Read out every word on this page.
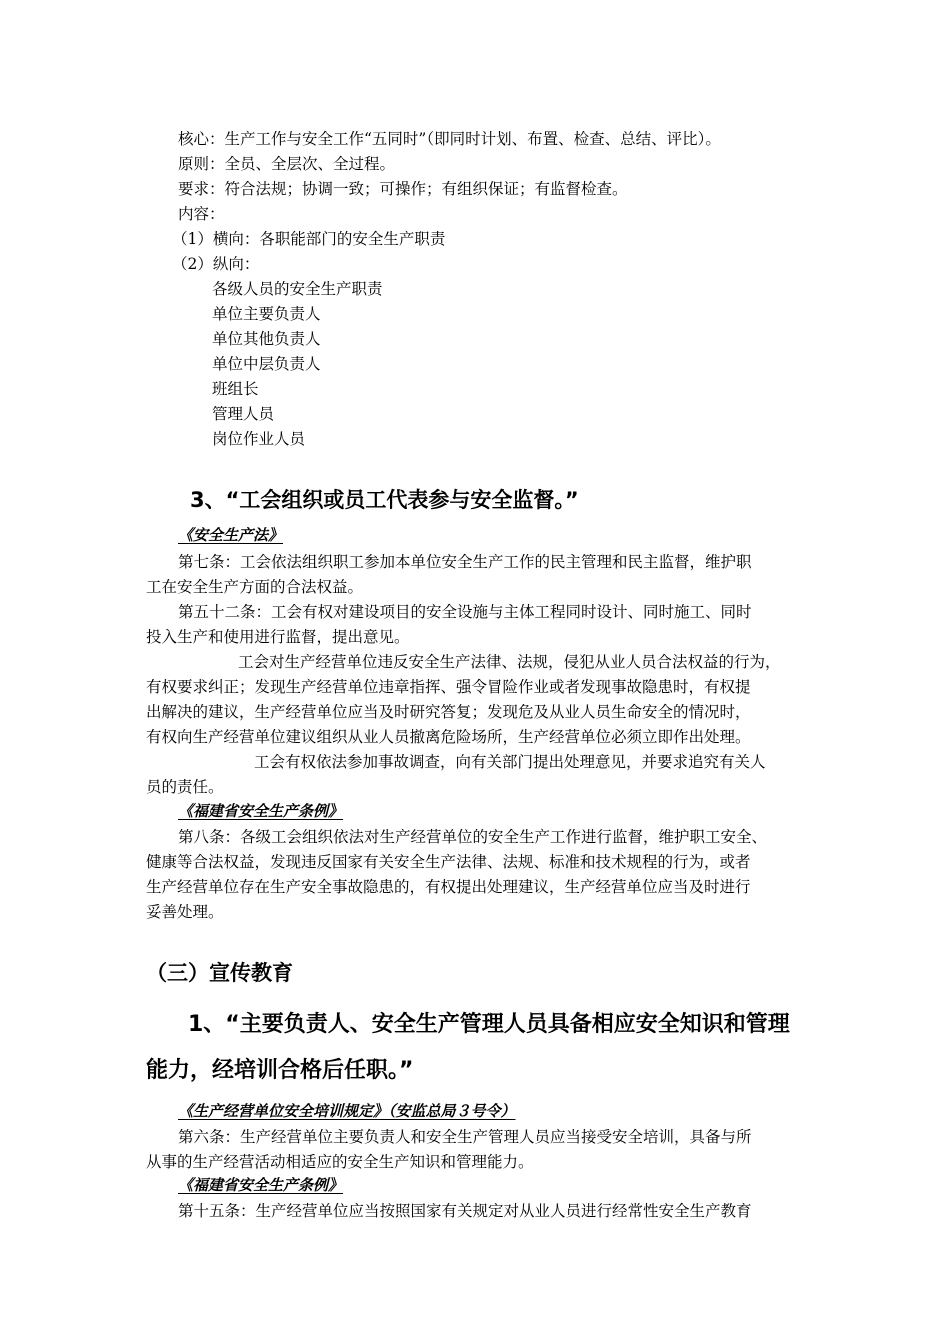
核心：生产工作与安全工作“五同时”（即同时计划、布置、检查、总结、评比）。
原则：全员、全层次、全过程。
要求：符合法规；协调一致；可操作；有组织保证；有监督检查。
内容：
（1）横向：各职能部门的安全生产职责
（2）纵向：
各级人员的安全生产职责
单位主要负责人
单位其他负责人
单位中层负责人
班组长
管理人员
岗位作业人员
3、“工会组织或员工代表参与安全监督。”
《安全生产法》
第七条：工会依法组织职工参加本单位安全生产工作的民主管理和民主监督，维护职
工在安全生产方面的合法权益。
第五十二条：工会有权对建设项目的安全设施与主体工程同时设计、同时施工、同时
投入生产和使用进行监督，提出意见。
工会对生产经营单位违反安全生产法律、法规，侵犯从业人员合法权益的行为，
有权要求纠正；发现生产经营单位违章指挥、强令冒险作业或者发现事故隐患时，有权提
出解决的建议，生产经营单位应当及时研究答复；发现危及从业人员生命安全的情况时，
有权向生产经营单位建议组织从业人员撤离危险场所，生产经营单位必须立即作出处理。
工会有权依法参加事故调查，向有关部门提出处理意见，并要求追究有关人
员的责任。
《福建省安全生产条例》
第八条：各级工会组织依法对生产经营单位的安全生产工作进行监督，维护职工安全、
健康等合法权益，发现违反国家有关安全生产法律、法规、标准和技术规程的行为，或者
生产经营单位存在生产安全事故隐患的，有权提出处理建议，生产经营单位应当及时进行
妥善处理。
（三）宣传教育
1、“主要负责人、安全生产管理人员具备相应安全知识和管理
能力，经培训合格后任职。”
《生产经营单位安全培训规定》（安监总局３号令）
第六条：生产经营单位主要负责人和安全生产管理人员应当接受安全培训，具备与所
从事的生产经营活动相适应的安全生产知识和管理能力。
《福建省安全生产条例》
第十五条：生产经营单位应当按照国家有关规定对从业人员进行经常性安全生产教育
